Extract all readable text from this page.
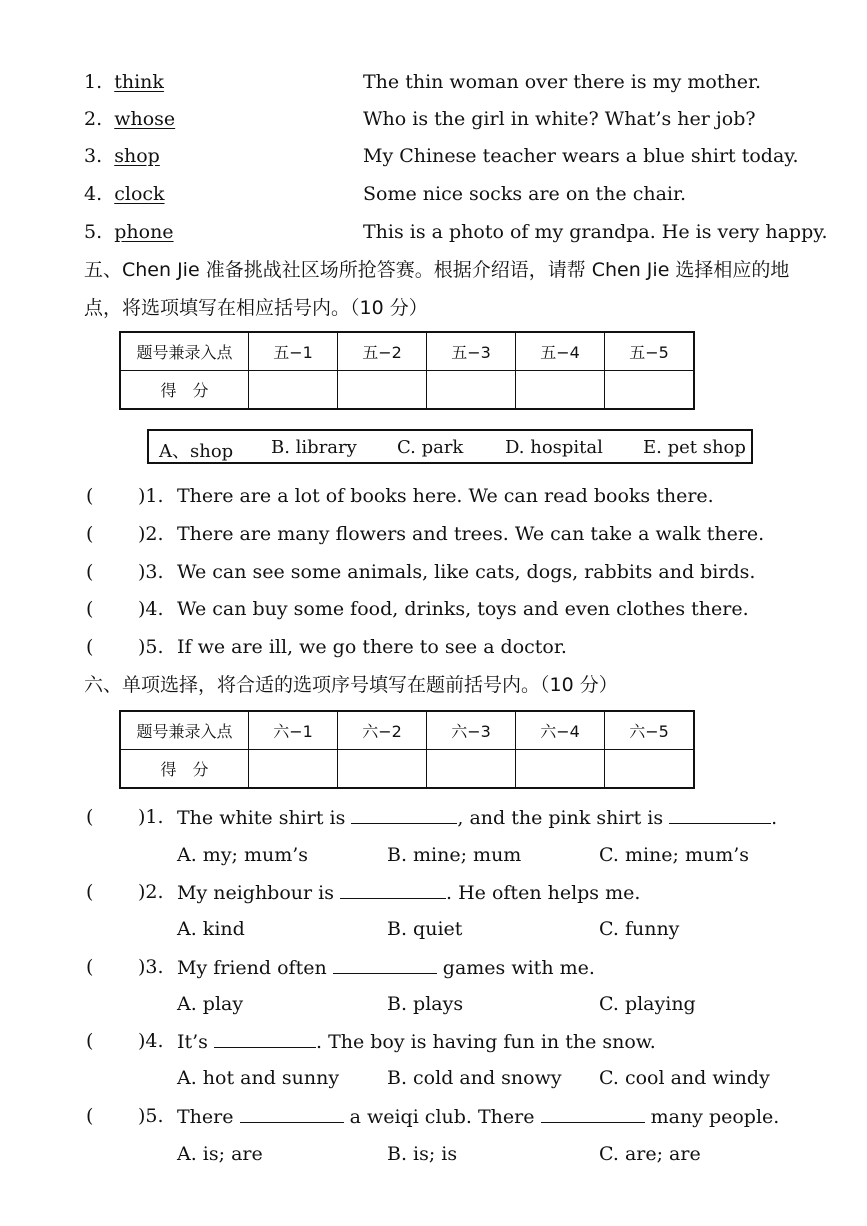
1. think	The thin woman over there is my mother.
2. whose	Who is the girl in white? What’s her job?
3. shop	My Chinese teacher wears a blue shirt today.
4. clock	Some nice socks are on the chair.
5. phone	This is a photo of my grandpa. He is very happy.
五、Chen Jie 准备挑战社区场所抢答赛。根据介绍语，请帮 Chen Jie 选择相应的地
点，将选项填写在相应括号内。（10 分）
题号兼录入点	五−1	五−2	五−3	五−4	五−5
得　分					
A、shop B. library C. park D. hospital E. pet shop
( )1. There are a lot of books here. We can read books there.
( )2. There are many flowers and trees. We can take a walk there.
( )3. We can see some animals, like cats, dogs, rabbits and birds.
( )4. We can buy some food, drinks, toys and even clothes there.
( )5. If we are ill, we go there to see a doctor.
六、单项选择，将合适的选项序号填写在题前括号内。（10 分）
题号兼录入点	六−1	六−2	六−3	六−4	六−5
得　分					
( )1. The white shirt is	, and the pink shirt is	.
A. my; mum’s	B. mine; mum	C. mine; mum’s
( )2. My neighbour is	. He often helps me.
A. kind	B. quiet	C. funny
( )3. My friend often	games with me.
A. play	B. plays	C. playing
( )4. It’s	. The boy is having fun in the snow.
A. hot and sunny	B. cold and snowy C. cool and windy
( )5. There	a weiqi club. There	many people.
A. is; are	B. is; is	C. are; are
